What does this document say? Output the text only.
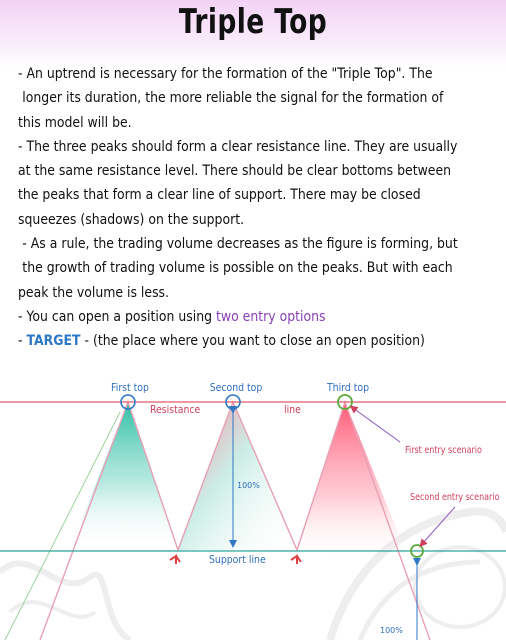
Triple Top
- An uptrend is necessary for the formation of the "Triple Top". The
longer its duration, the more reliable the signal for the formation of
this model will be.
- The three peaks should form a clear resistance line. They are usually
at the same resistance level. There should be clear bottoms between
the peaks that form a clear line of support. There may be closed
squeezes (shadows) on the support.
- As a rule, the trading volume decreases as the figure is forming, but
the growth of trading volume is possible on the peaks. But with each
peak the volume is less.
- You can open a position using two entry options
- TARGET - (the place where you want to close an open position)
First top	Second top	Third top
Resistance	line
Support line
First entry scenario
Second entry scenario
100%
100%
